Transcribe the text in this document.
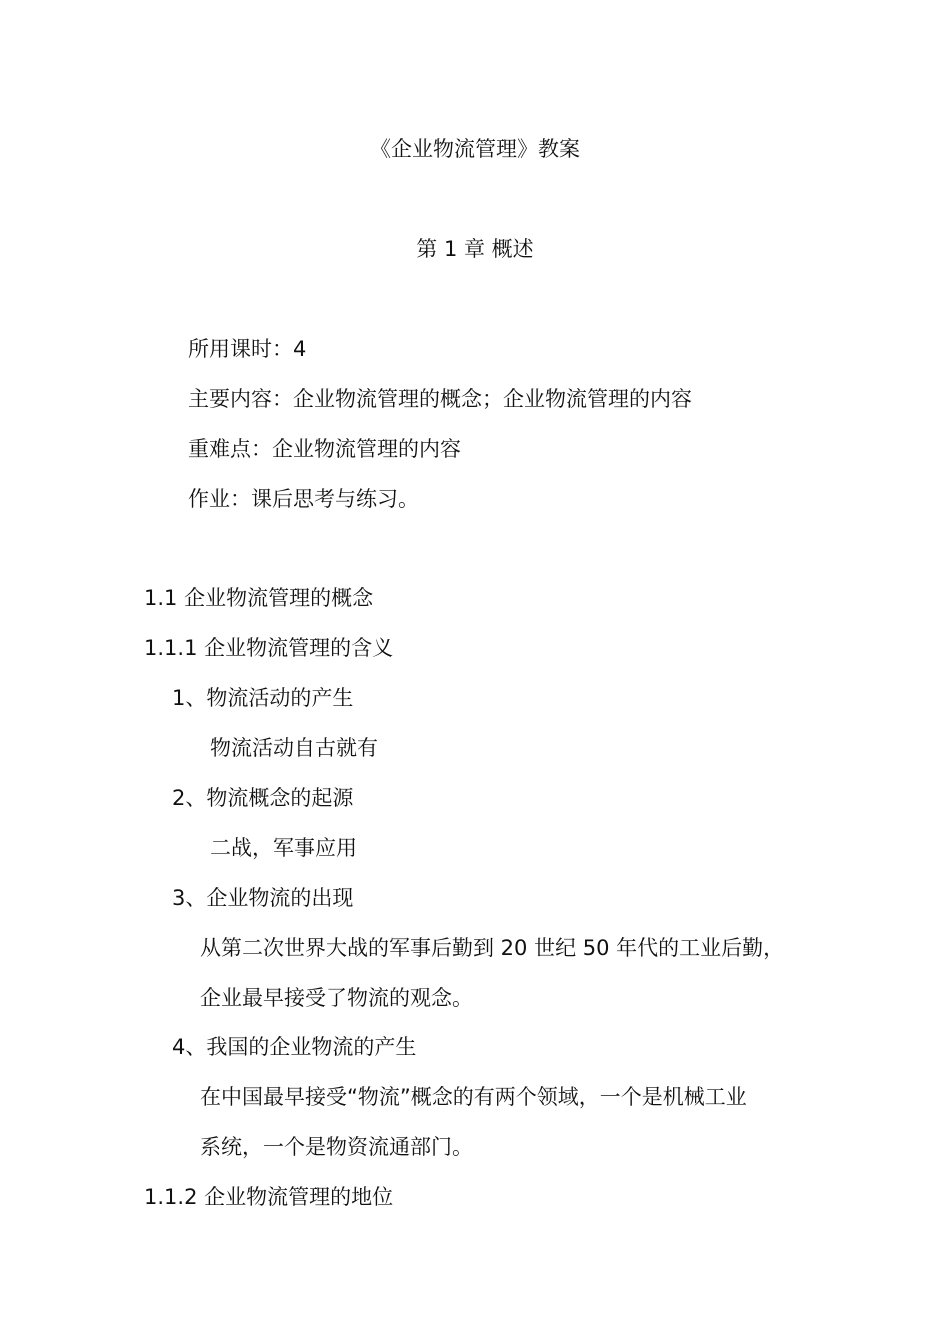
《企业物流管理》教案
第 1 章 概述
所用课时：4
主要内容：企业物流管理的概念；企业物流管理的内容
重难点：企业物流管理的内容
作业：课后思考与练习。
1.1 企业物流管理的概念
1.1.1 企业物流管理的含义
1、物流活动的产生
物流活动自古就有
2、物流概念的起源
二战，军事应用
3、企业物流的出现
从第二次世界大战的军事后勤到 20 世纪 50 年代的工业后勤，
企业最早接受了物流的观念。
4、我国的企业物流的产生
在中国最早接受“物流”概念的有两个领域，一个是机械工业
系统，一个是物资流通部门。
1.1.2 企业物流管理的地位
